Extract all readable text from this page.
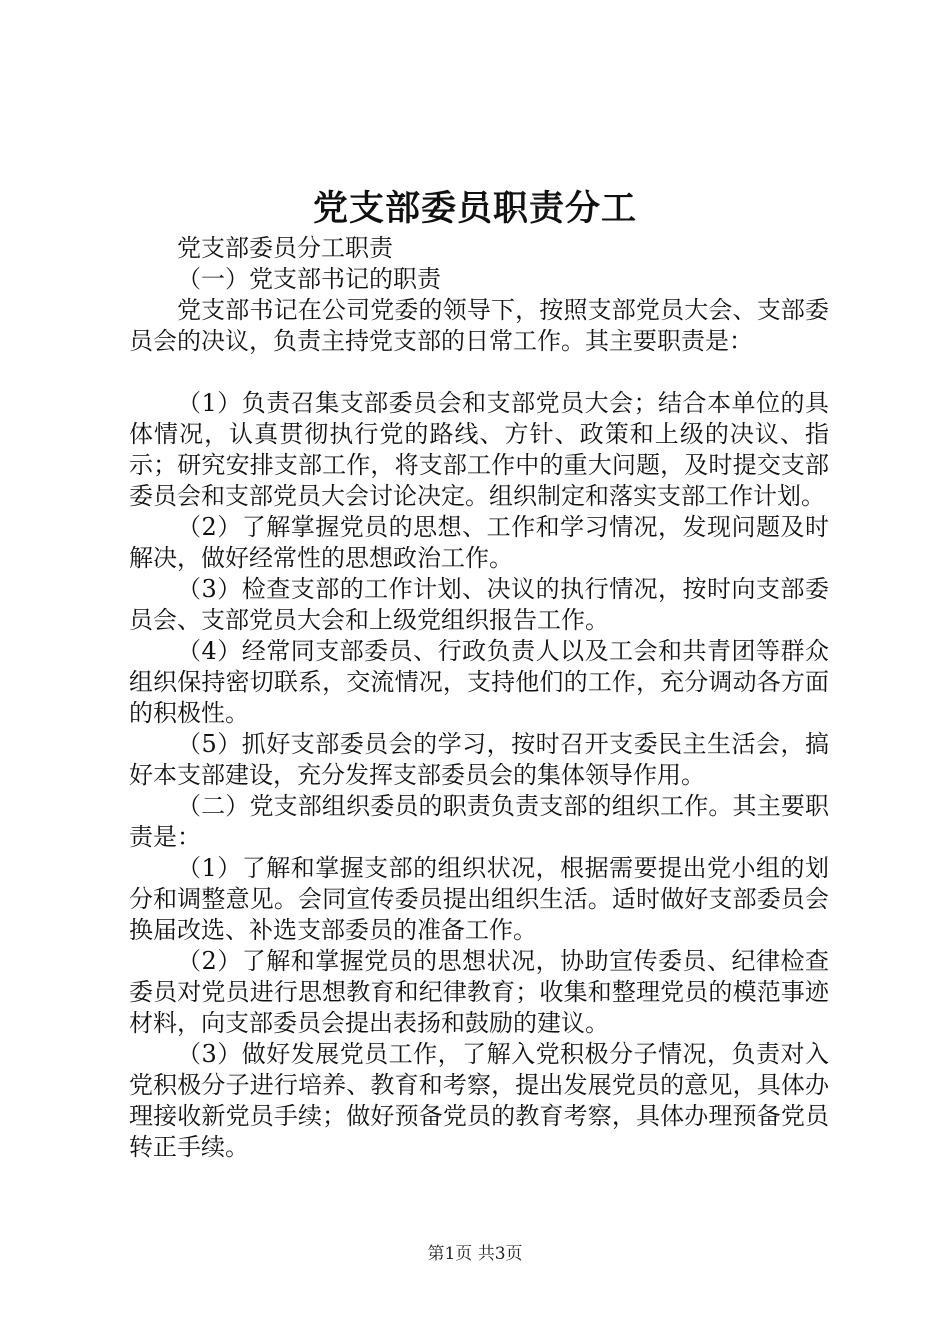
党支部委员职责分工

党支部委员分工职责

（一）党支部书记的职责

党支部书记在公司党委的领导下，按照支部党员大会、支部委员会的决议，负责主持党支部的日常工作。其主要职责是：

（1）负责召集支部委员会和支部党员大会；结合本单位的具体情况，认真贯彻执行党的路线、方针、政策和上级的决议、指示；研究安排支部工作，将支部工作中的重大问题，及时提交支部委员会和支部党员大会讨论决定。组织制定和落实支部工作计划。

（2）了解掌握党员的思想、工作和学习情况，发现问题及时解决，做好经常性的思想政治工作。

（3）检查支部的工作计划、决议的执行情况，按时向支部委员会、支部党员大会和上级党组织报告工作。

（4）经常同支部委员、行政负责人以及工会和共青团等群众组织保持密切联系，交流情况，支持他们的工作，充分调动各方面的积极性。

（5）抓好支部委员会的学习，按时召开支委民主生活会，搞好本支部建设，充分发挥支部委员会的集体领导作用。

（二）党支部组织委员的职责负责支部的组织工作。其主要职责是：

（1）了解和掌握支部的组织状况，根据需要提出党小组的划分和调整意见。会同宣传委员提出组织生活。适时做好支部委员会换届改选、补选支部委员的准备工作。

（2）了解和掌握党员的思想状况，协助宣传委员、纪律检查委员对党员进行思想教育和纪律教育；收集和整理党员的模范事迹材料，向支部委员会提出表扬和鼓励的建议。

（3）做好发展党员工作，了解入党积极分子情况，负责对入党积极分子进行培养、教育和考察，提出发展党员的意见，具体办理接收新党员手续；做好预备党员的教育考察，具体办理预备党员转正手续。

第1页 共3页
